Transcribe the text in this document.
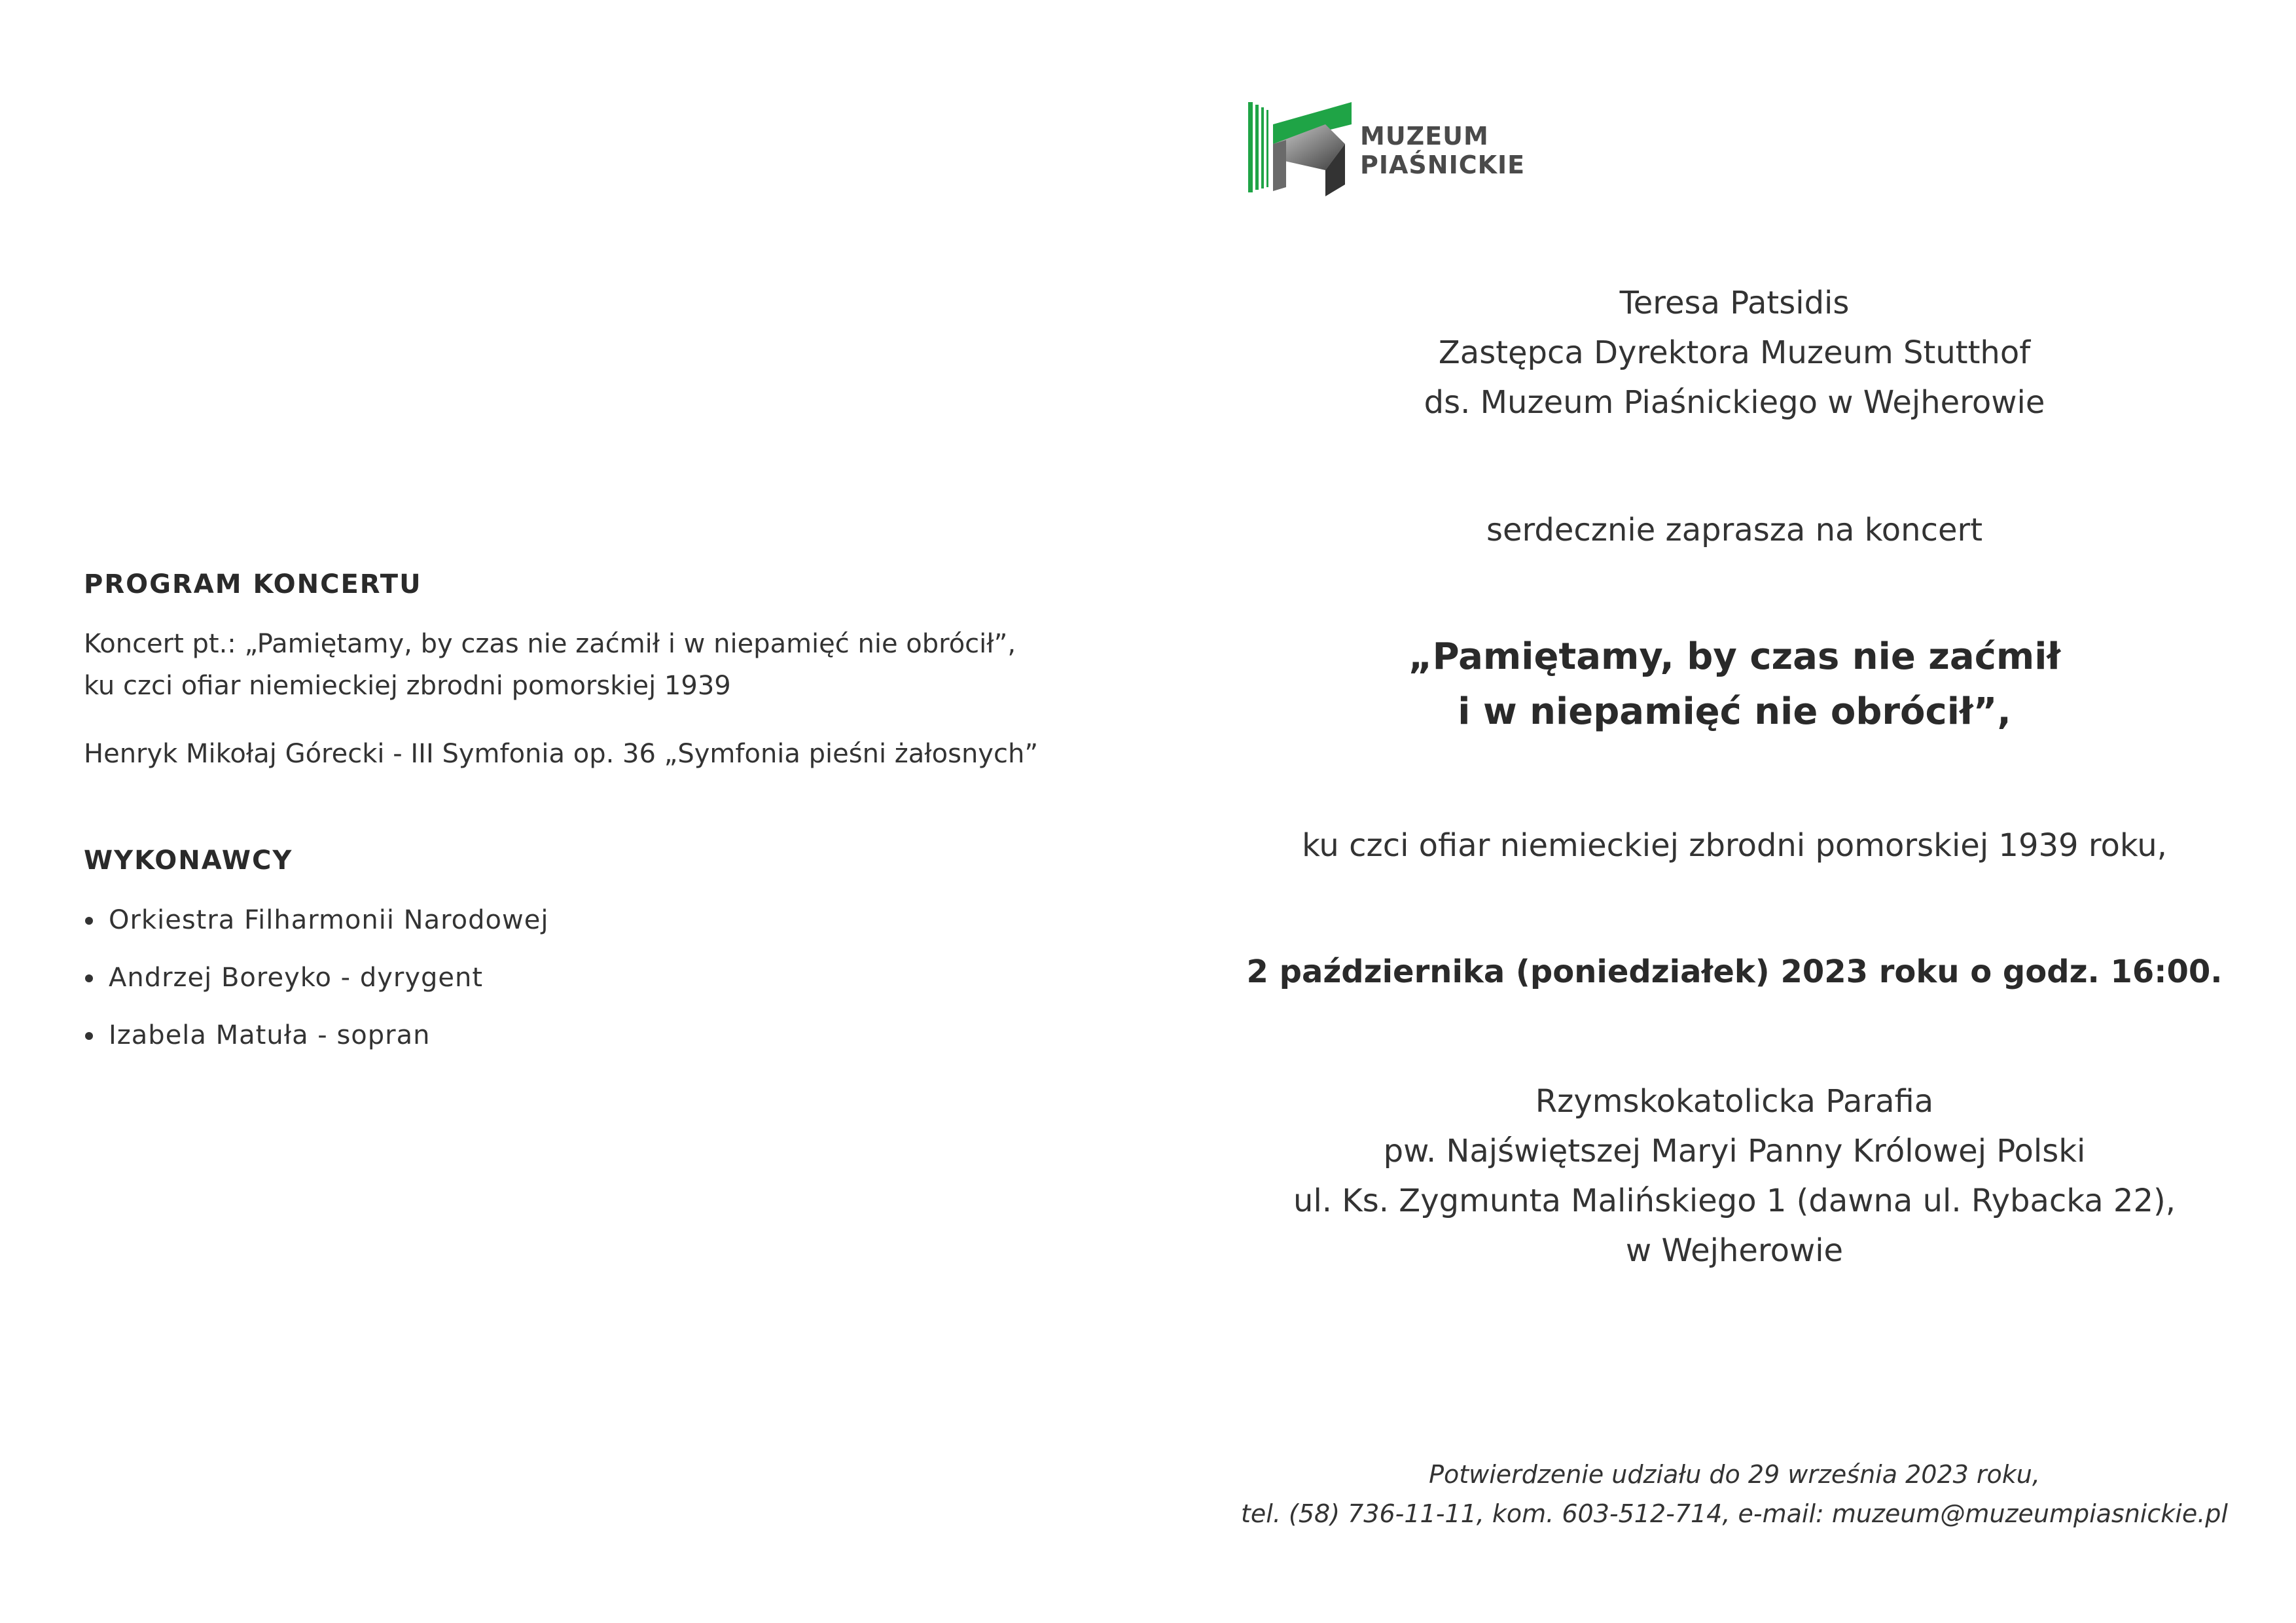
MUZEUM
PIAŚNICKIE
PROGRAM KONCERTU

Koncert pt.: „Pamiętamy, by czas nie zaćmił i w niepamięć nie obrócił”,

ku czci ofiar niemieckiej zbrodni pomorskiej 1939

Henryk Mikołaj Górecki - III Symfonia op. 36 „Symfonia pieśni żałosnych”

WYKONAWCY
Orkiestra Filharmonii Narodowej
Andrzej Boreyko - dyrygent
Izabela Matuła - sopran

Teresa Patsidis

Zastępca Dyrektora Muzeum Stutthof

ds. Muzeum Piaśnickiego w Wejherowie

serdecznie zaprasza na koncert

„Pamiętamy, by czas nie zaćmił

i w niepamięć nie obrócił”,

ku czci ofiar niemieckiej zbrodni pomorskiej 1939 roku,

2 października (poniedziałek) 2023 roku o godz. 16:00.

Rzymskokatolicka Parafia

pw. Najświętszej Maryi Panny Królowej Polski

ul. Ks. Zygmunta Malińskiego 1 (dawna ul. Rybacka 22),

w Wejherowie

Potwierdzenie udziału do 29 września 2023 roku,

tel. (58) 736-11-11, kom. 603-512-714, e-mail: muzeum@muzeumpiasnickie.pl
